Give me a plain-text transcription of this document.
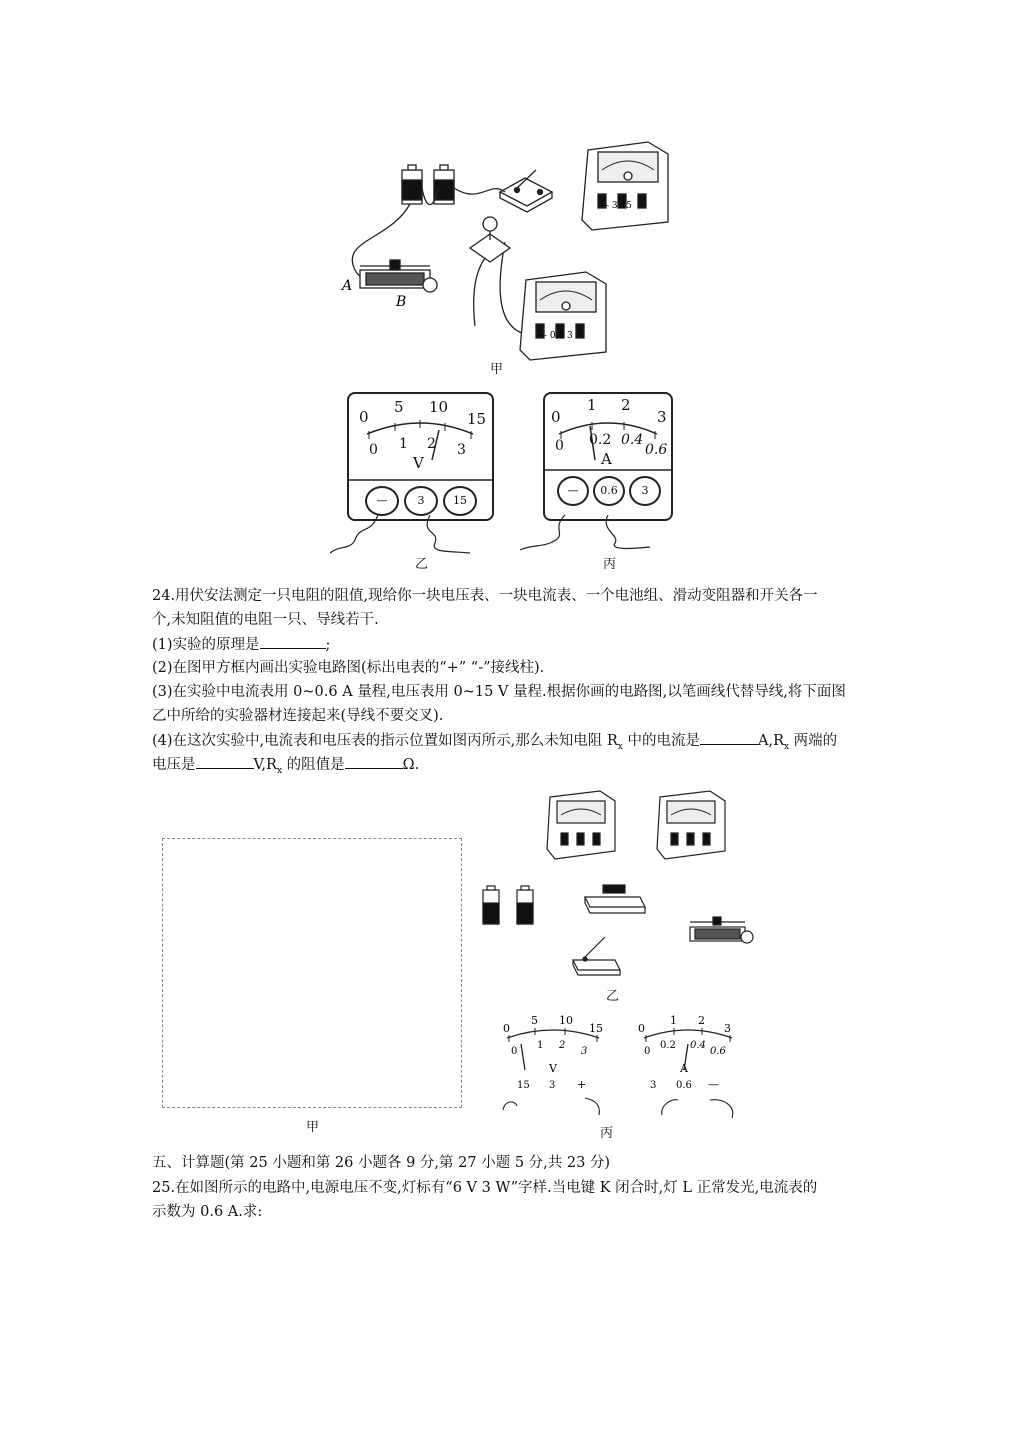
A
B
— 3 15
— 0.6 3
甲
0
5 10
15
0 1 2 3
V
—	3	15
乙
0
1 2
3
0 0.2 0.4
0.6
A
—	0.6	3
丙
24.用伏安法测定一只电阻的阻值,现给你一块电压表、一块电流表、一个电池组、滑动变阻器和开关各一
个,未知阻值的电阻一只、导线若干.
(1)实验的原理是	;
(2)在图甲方框内画出实验电路图(标出电表的“+” “-”接线柱).
(3)在实验中电流表用 0~0.6 A 量程,电压表用 0~15 V 量程.根据你画的电路图,以笔画线代替导线,将下面图
乙中所给的实验器材连接起来(导线不要交叉).
(4)在这次实验中,电流表和电压表的指示位置如图丙所示,那么未知电阻 $R_x$ 中的电流是	$A,R_x$ 两端的
电压是	$V,R_x$ 的阻值是	Ω.
甲
乙
0
5 10
15
0
1 2
3
V
15 3 +
0
1 2
3
0
0.2 0.4
0.6
A
3 0.6 —
丙
五、计算题(第 25 小题和第 26 小题各 9 分,第 27 小题 5 分,共 23 分)
25.在如图所示的电路中,电源电压不变,灯标有“6 V 3 W”字样.当电键 K 闭合时,灯 L 正常发光,电流表的
示数为 0.6 A.求:
